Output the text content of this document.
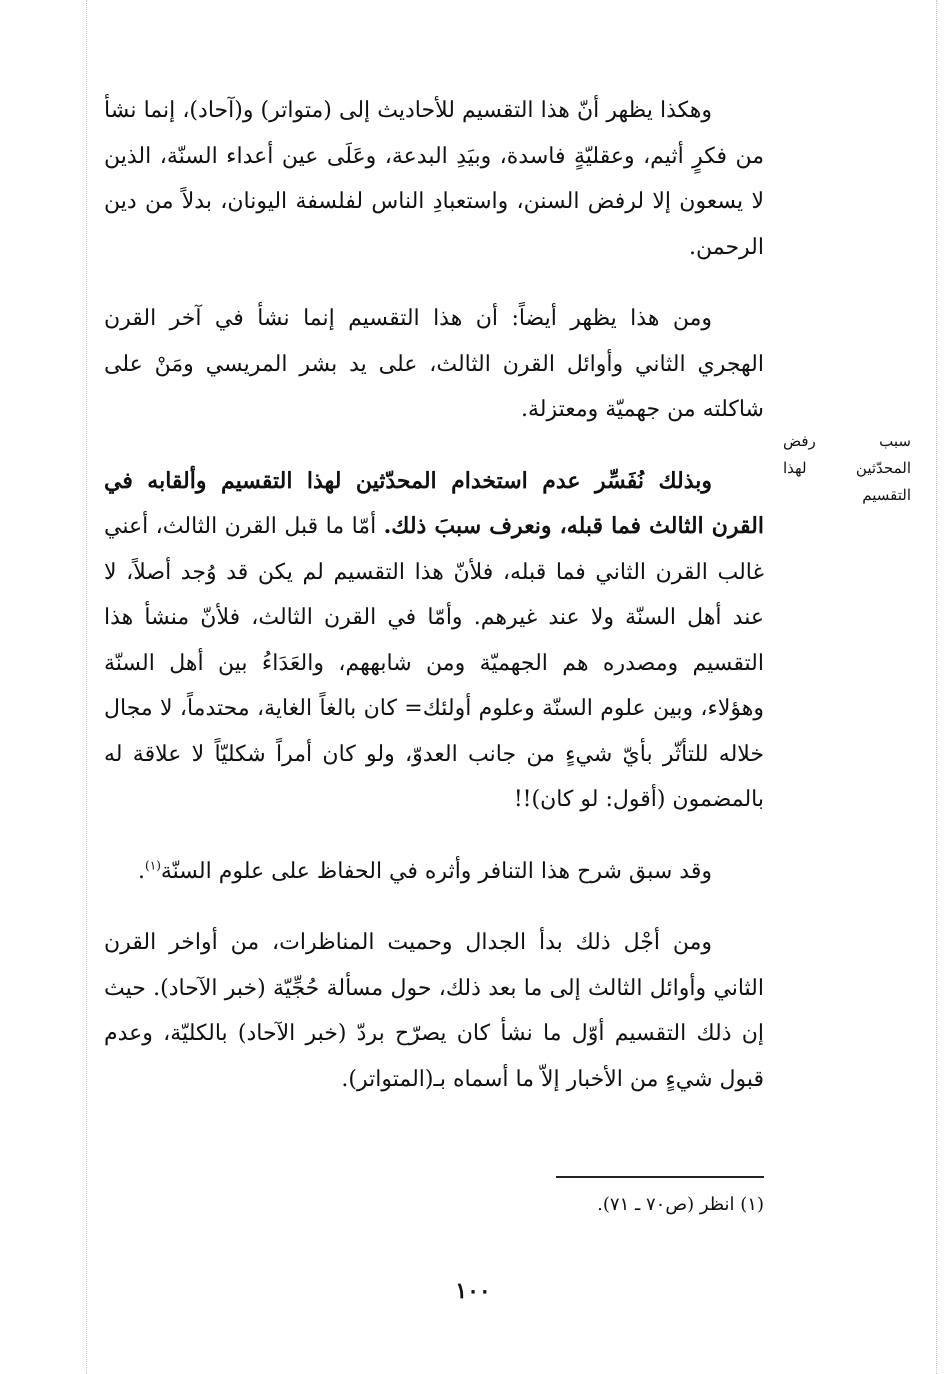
وهكذا يظهر أنّ هذا التقسيم للأحاديث إلى (متواتر) و(آحاد)، إنما نشأ من فكرٍ أثيم، وعقليّةٍ فاسدة، وبيَدِ البدعة، وعَلَى عين أعداء السنّة، الذين لا يسعون إلا لرفض السنن، واستعبادِ الناس لفلسفة اليونان، بدلاً من دين الرحمن.

ومن هذا يظهر أيضاً: أن هذا التقسيم إنما نشأ في آخر القرن الهجري الثاني وأوائل القرن الثالث، على يد بشر المريسي ومَنْ على شاكلته من جهميّة ومعتزلة.

وبذلك نُفَسِّر عدم استخدام المحدّثين لهذا التقسيم وألقابه في القرن الثالث فما قبله، ونعرف سببَ ذلك. أمّا ما قبل القرن الثالث، أعني غالب القرن الثاني فما قبله، فلأنّ هذا التقسيم لم يكن قد وُجد أصلاً، لا عند أهل السنّة ولا عند غيرهم. وأمّا في القرن الثالث، فلأنّ منشأ هذا التقسيم ومصدره هم الجهميّة ومن شابههم، والعَدَاءُ بين أهل السنّة وهؤلاء، وبين علوم السنّة وعلوم أولئك= كان بالغاً الغاية، محتدماً، لا مجال خلاله للتأثّر بأيّ شيءٍ من جانب العدوّ، ولو كان أمراً شكليّاً لا علاقة له بالمضمون (أقول: لو كان)!!

وقد سبق شرح هذا التنافر وأثره في الحفاظ على علوم السنّة$^{(١)}$.

ومن أجْل ذلك بدأ الجدال وحميت المناظرات، من أواخر القرن الثاني وأوائل الثالث إلى ما بعد ذلك، حول مسألة حُجِّيّة (خبر الآحاد). حيث إن ذلك التقسيم أوّل ما نشأ كان يصرّح بردّ (خبر الآحاد) بالكليّة، وعدم قبول شيءٍ من الأخبار إلاّ ما أسماه بـ(المتواتر).

سبب رفض المحدّثين لهذا التقسيم
(١) انظر (ص٧٠ ـ ٧١).
١٠٠
